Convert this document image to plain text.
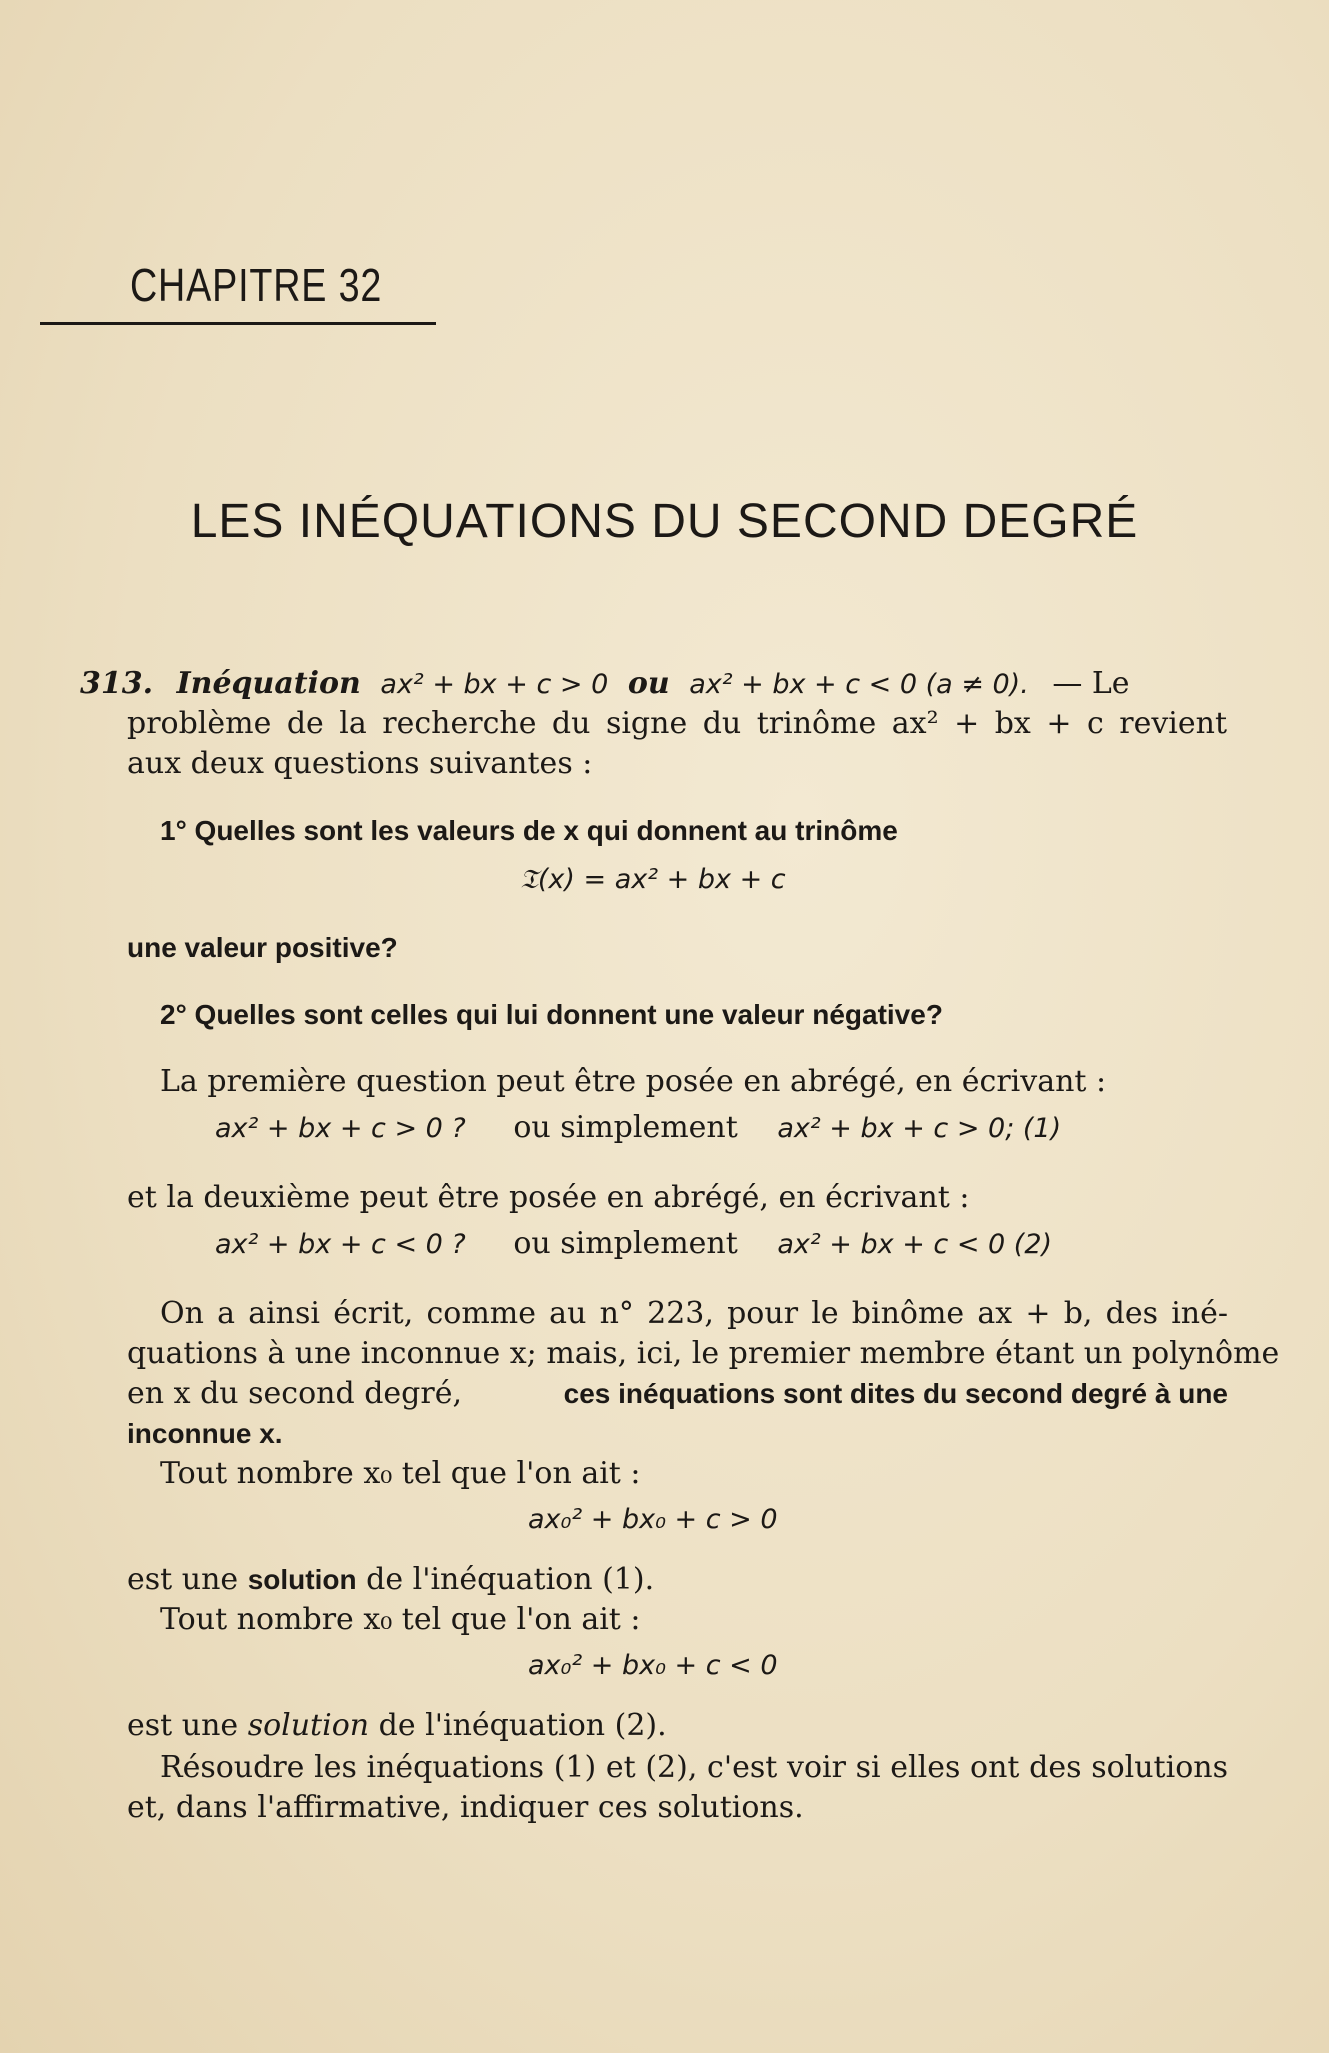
CHAPITRE 32
LES INÉQUATIONS DU SECOND DEGRÉ
313. Inéquation ax² + bx + c > 0 ou ax² + bx + c < 0 (a ≠ 0). — Le
problème de la recherche du signe du trinôme ax² + bx + c revient
aux deux questions suivantes :
1° Quelles sont les valeurs de x qui donnent au trinôme
𝔗(x) = ax² + bx + c
une valeur positive?
2° Quelles sont celles qui lui donnent une valeur négative?
La première question peut être posée en abrégé, en écrivant :
ax² + bx + c > 0 ? ou simplement ax² + bx + c > 0; (1)
et la deuxième peut être posée en abrégé, en écrivant :
ax² + bx + c < 0 ? ou simplement ax² + bx + c < 0 (2)
On a ainsi écrit, comme au n° 223, pour le binôme ax + b, des iné-
quations à une inconnue x; mais, ici, le premier membre étant un polynôme
en x du second degré,	ces inéquations sont dites du second degré à une
inconnue x.
Tout nombre x₀ tel que l'on ait :
ax₀² + bx₀ + c > 0
est une solution de l'inéquation (1).
Tout nombre x₀ tel que l'on ait :
ax₀² + bx₀ + c < 0
est une solution de l'inéquation (2).
Résoudre les inéquations (1) et (2), c'est voir si elles ont des solutions
et, dans l'affirmative, indiquer ces solutions.
